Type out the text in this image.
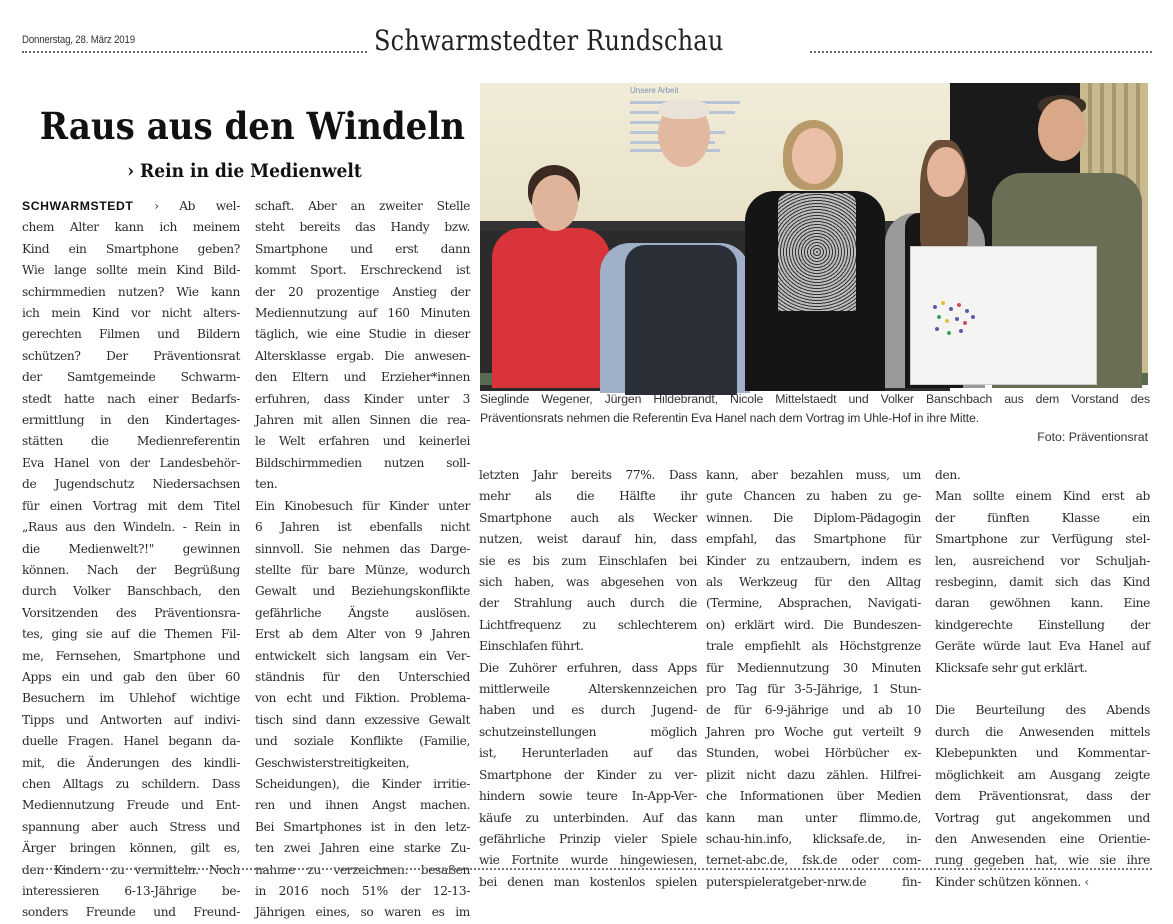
Donnerstag, 28. März 2019	Schwarmstedter Rundschau
Raus aus den Windeln
› Rein in die Medienwelt
SCHWARMSTEDT › Ab wel-
chem Alter kann ich meinem
Kind ein Smartphone geben?
Wie lange sollte mein Kind Bild-
schirmmedien nutzen? Wie kann
ich mein Kind vor nicht alters-
gerechten Filmen und Bildern
schützen? Der Präventionsrat
der Samtgemeinde Schwarm-
stedt hatte nach einer Bedarfs-
ermittlung in den Kindertages-
stätten die Medienreferentin
Eva Hanel von der Landesbehör-
de Jugendschutz Niedersachsen
für einen Vortrag mit dem Titel
„Raus aus den Windeln. - Rein in
die Medienwelt?!" gewinnen
können. Nach der Begrüßung
durch Volker Banschbach, den
Vorsitzenden des Präventionsra-
tes, ging sie auf die Themen Fil-
me, Fernsehen, Smartphone und
Apps ein und gab den über 60
Besuchern im Uhlehof wichtige
Tipps und Antworten auf indivi-
duelle Fragen. Hanel begann da-
mit, die Änderungen des kindli-
chen Alltags zu schildern. Dass
Mediennutzung Freude und Ent-
spannung aber auch Stress und
Ärger bringen können, gilt es,
den Kindern zu vermitteln. Noch
interessieren 6-13-Jährige be-
sonders Freunde und Freund-
schaft. Aber an zweiter Stelle
steht bereits das Handy bzw.
Smartphone und erst dann
kommt Sport. Erschreckend ist
der 20 prozentige Anstieg der
Mediennutzung auf 160 Minuten
täglich, wie eine Studie in dieser
Altersklasse ergab. Die anwesen-
den Eltern und Erzieher*innen
erfuhren, dass Kinder unter 3
Jahren mit allen Sinnen die rea-
le Welt erfahren und keinerlei
Bildschirmmedien nutzen soll-
ten.
Ein Kinobesuch für Kinder unter
6 Jahren ist ebenfalls nicht
sinnvoll. Sie nehmen das Darge-
stellte für bare Münze, wodurch
Gewalt und Beziehungskonflikte
gefährliche Ängste auslösen.
Erst ab dem Alter von 9 Jahren
entwickelt sich langsam ein Ver-
ständnis für den Unterschied
von echt und Fiktion. Problema-
tisch sind dann exzessive Gewalt
und soziale Konflikte (Familie,
Geschwisterstreitigkeiten,
Scheidungen), die Kinder irritie-
ren und ihnen Angst machen.
Bei Smartphones ist in den letz-
ten zwei Jahren eine starke Zu-
nahme zu verzeichnen: besaßen
in 2016 noch 51% der 12-13-
Jährigen eines, so waren es im
Unsere Arbeit
Sieglinde Wegener, Jürgen Hildebrandt, Nicole Mittelstaedt und Volker Banschbach aus dem Vorstand des
Präventionsrats nehmen die Referentin Eva Hanel nach dem Vortrag im Uhle-Hof in ihre Mitte.
Foto: Präventionsrat
letzten Jahr bereits 77%. Dass
mehr als die Hälfte ihr
Smartphone auch als Wecker
nutzen, weist darauf hin, dass
sie es bis zum Einschlafen bei
sich haben, was abgesehen von
der Strahlung auch durch die
Lichtfrequenz zu schlechterem
Einschlafen führt.
Die Zuhörer erfuhren, dass Apps
mittlerweile Alterskennzeichen
haben und es durch Jugend-
schutzeinstellungen möglich
ist, Herunterladen auf das
Smartphone der Kinder zu ver-
hindern sowie teure In-App-Ver-
käufe zu unterbinden. Auf das
gefährliche Prinzip vieler Spiele
wie Fortnite wurde hingewiesen,
bei denen man kostenlos spielen
kann, aber bezahlen muss, um
gute Chancen zu haben zu ge-
winnen. Die Diplom-Pädagogin
empfahl, das Smartphone für
Kinder zu entzaubern, indem es
als Werkzeug für den Alltag
(Termine, Absprachen, Navigati-
on) erklärt wird. Die Bundeszen-
trale empfiehlt als Höchstgrenze
für Mediennutzung 30 Minuten
pro Tag für 3-5-Jährige, 1 Stun-
de für 6-9-jährige und ab 10
Jahren pro Woche gut verteilt 9
Stunden, wobei Hörbücher ex-
plizit nicht dazu zählen. Hilfrei-
che Informationen über Medien
kann man unter flimmo.de,
schau-hin.info, klicksafe.de, in-
ternet-abc.de, fsk.de oder com-
puterspieleratgeber-nrw.de fin-
den.
Man sollte einem Kind erst ab
der fünften Klasse ein
Smartphone zur Verfügung stel-
len, ausreichend vor Schuljah-
resbeginn, damit sich das Kind
daran gewöhnen kann. Eine
kindgerechte Einstellung der
Geräte würde laut Eva Hanel auf
Klicksafe sehr gut erklärt.

Die Beurteilung des Abends
durch die Anwesenden mittels
Klebepunkten und Kommentar-
möglichkeit am Ausgang zeigte
dem Präventionsrat, dass der
Vortrag gut angekommen und
den Anwesenden eine Orientie-
rung gegeben hat, wie sie ihre
Kinder schützen können. ‹
